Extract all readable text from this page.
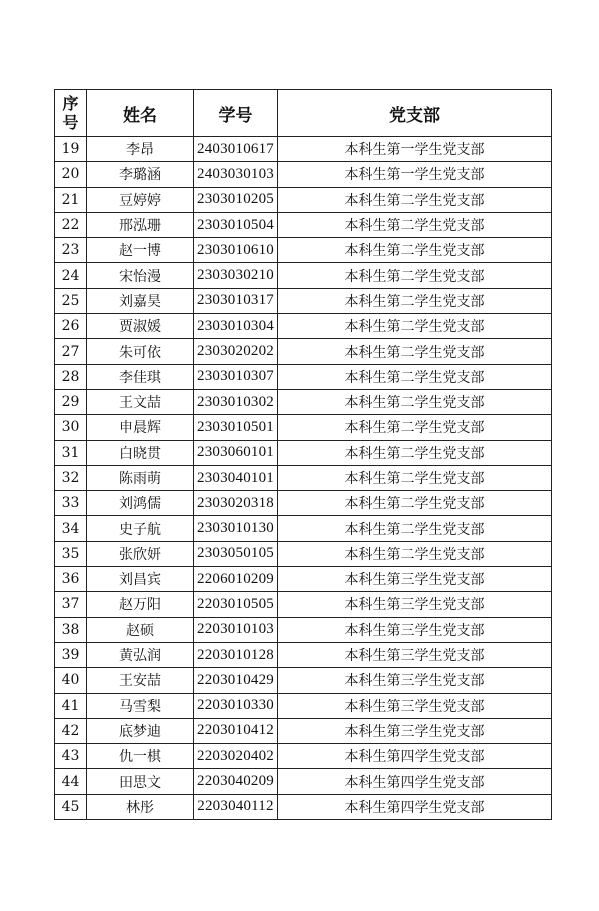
序号	姓名	学号	党支部
19	李昂	2403010617	本科生第一学生党支部
20	李璐涵	2403030103	本科生第一学生党支部
21	豆婷婷	2303010205	本科生第二学生党支部
22	邢泓珊	2303010504	本科生第二学生党支部
23	赵一博	2303010610	本科生第二学生党支部
24	宋怡漫	2303030210	本科生第二学生党支部
25	刘嘉昊	2303010317	本科生第二学生党支部
26	贾淑媛	2303010304	本科生第二学生党支部
27	朱可依	2303020202	本科生第二学生党支部
28	李佳琪	2303010307	本科生第二学生党支部
29	王文喆	2303010302	本科生第二学生党支部
30	申晨辉	2303010501	本科生第二学生党支部
31	白晓贯	2303060101	本科生第二学生党支部
32	陈雨萌	2303040101	本科生第二学生党支部
33	刘鸿儒	2303020318	本科生第二学生党支部
34	史子航	2303010130	本科生第二学生党支部
35	张欣妍	2303050105	本科生第二学生党支部
36	刘昌宾	2206010209	本科生第三学生党支部
37	赵万阳	2203010505	本科生第三学生党支部
38	赵硕	2203010103	本科生第三学生党支部
39	黄弘润	2203010128	本科生第三学生党支部
40	王安喆	2203010429	本科生第三学生党支部
41	马雪梨	2203010330	本科生第三学生党支部
42	底梦迪	2203010412	本科生第三学生党支部
43	仇一棋	2203020402	本科生第四学生党支部
44	田思文	2203040209	本科生第四学生党支部
45	林彤	2203040112	本科生第四学生党支部
